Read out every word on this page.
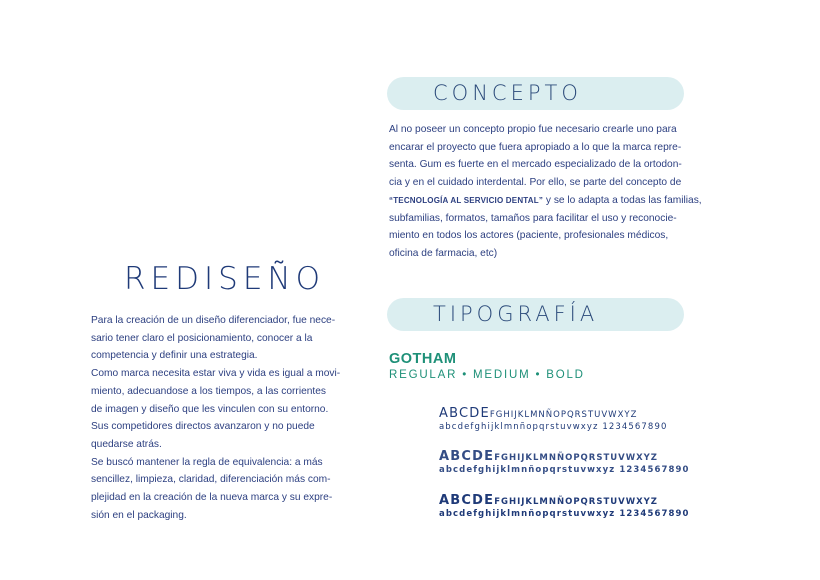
REDISEÑO
Para la creación de un diseño diferenciador, fue nece-
sario tener claro el posicionamiento, conocer a la
competencia y definir una estrategia.
Como marca necesita estar viva y vida es igual a movi-
miento, adecuandose a los tiempos, a las corrientes
de imagen y diseño que les vinculen con su entorno.
Sus competidores directos avanzaron y no puede
quedarse atrás.
Se buscó mantener la regla de equivalencia: a más
sencillez, limpieza, claridad, diferenciación más com-
plejidad en la creación de la nueva marca y su expre-
sión en el packaging.
CONCEPTO
Al no poseer un concepto propio fue necesario crearle uno para
encarar el proyecto que fuera apropiado a lo que la marca repre-
senta. Gum es fuerte en el mercado especializado de la ortodon-
cia y en el cuidado interdental. Por ello, se parte del concepto de
“TECNOLOGÍA AL SERVICIO DENTAL” y se lo adapta a todas las familias,
subfamilias, formatos, tamaños para facilitar el uso y reconocie-
miento en todos los actores (paciente, profesionales médicos,
oficina de farmacia, etc)
TIPOGRAFÍA
GOTHAM
REGULAR • MEDIUM • BOLD
ABCDEFGHIJKLMNÑOPQRSTUVWXYZ
abcdefghijklmnñopqrstuvwxyz 1234567890
ABCDEFGHIJKLMNÑOPQRSTUVWXYZ
abcdefghijklmnñopqrstuvwxyz 1234567890
ABCDEFGHIJKLMNÑOPQRSTUVWXYZ
abcdefghijklmnñopqrstuvwxyz 1234567890
